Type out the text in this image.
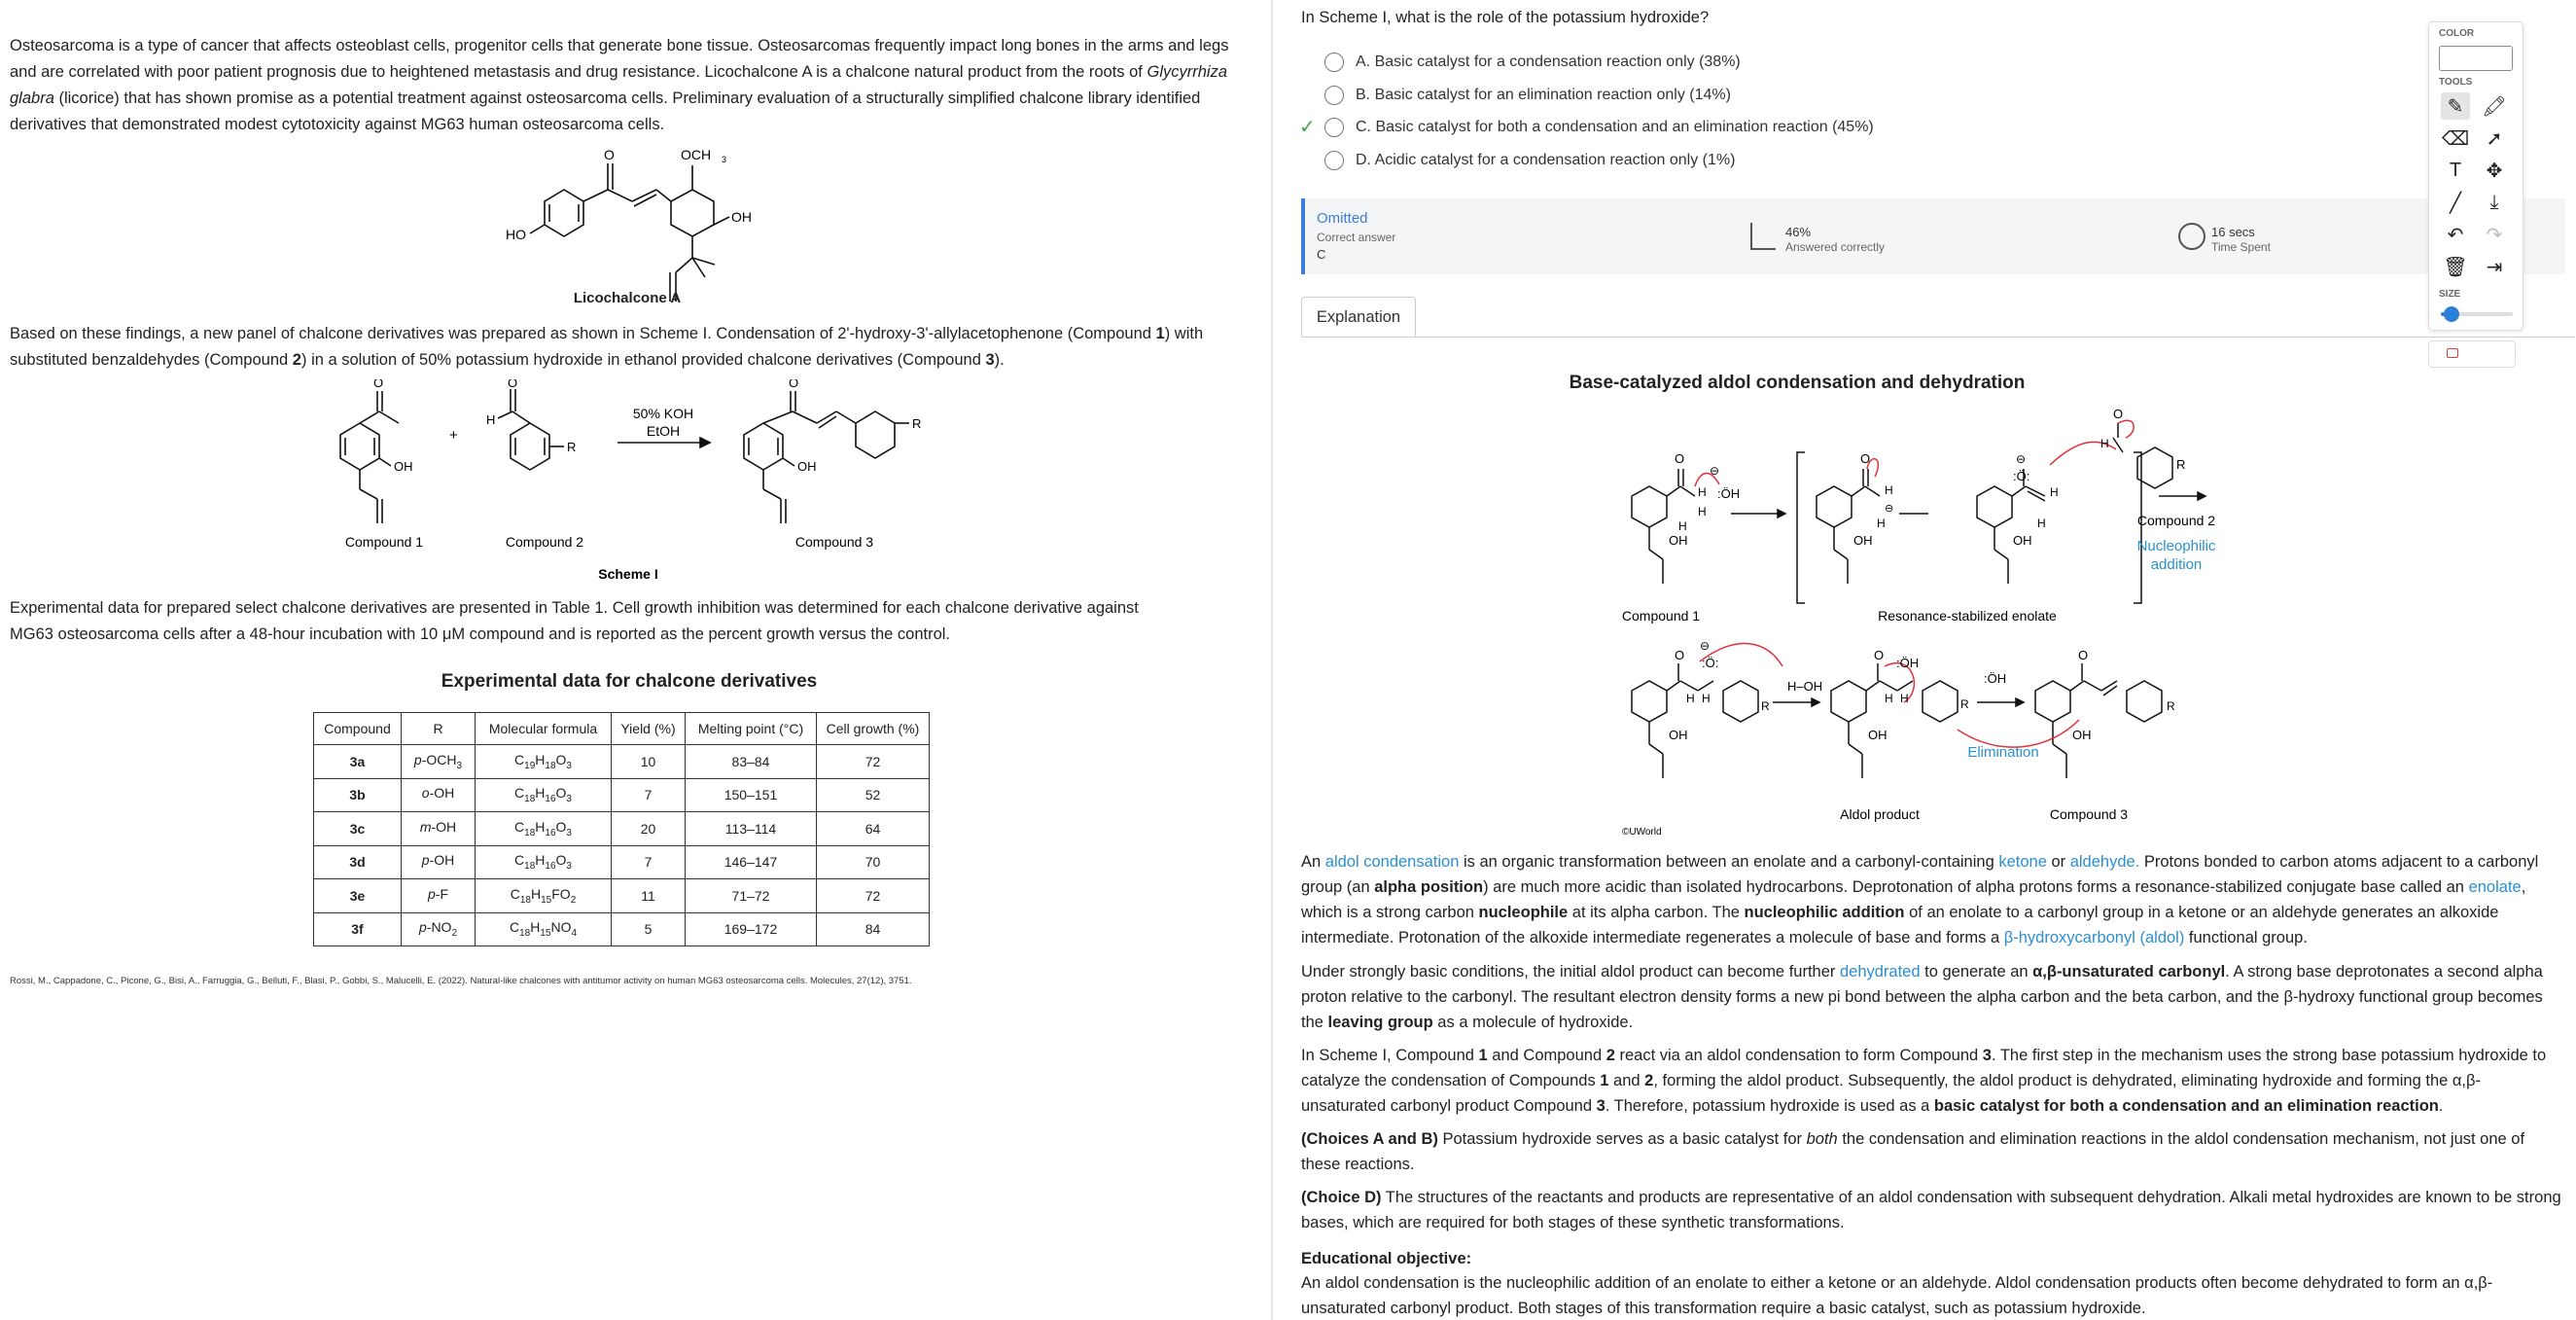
Osteosarcoma is a type of cancer that affects osteoblast cells, progenitor cells that generate bone tissue. Osteosarcomas frequently impact long bones in the arms and legs and are correlated with poor patient prognosis due to heightened metastasis and drug resistance. Licochalcone A is a chalcone natural product from the roots of Glycyrrhiza glabra (licorice) that has shown promise as a potential treatment against osteosarcoma cells. Preliminary evaluation of a structurally simplified chalcone library identified derivatives that demonstrated modest cytotoxicity against MG63 human osteosarcoma cells.

O	OCH 3
HO
OH
Licochalcone A

Based on these findings, a new panel of chalcone derivatives was prepared as shown in Scheme I. Condensation of 2'-hydroxy-3'-allylacetophenone (Compound 1) with substituted benzaldehydes (Compound 2) in a solution of 50% potassium hydroxide in ethanol provided chalcone derivatives (Compound 3).

O
OH
O
H
R
O
OH
R
+
50% KOH
EtOH
Compound 1	Compound 2	Compound 3
Scheme I

Experimental data for prepared select chalcone derivatives are presented in Table 1. Cell growth inhibition was determined for each chalcone derivative against MG63 osteosarcoma cells after a 48-hour incubation with 10 μM compound and is reported as the percent growth versus the control.

Experimental data for chalcone derivatives
Compound	R	Molecular formula	Yield (%)	Melting point (°C)	Cell growth (%)
3a	$p-OCH_3$	$C_{19}H_{18}O_3$	10	83–84	72
3b	o-OH	$C_{18}H_{16}O_3$	7	150–151	52
3c	m-OH	$C_{18}H_{16}O_3$	20	113–114	64
3d	p-OH	$C_{18}H_{16}O_3$	7	146–147	70
3e	p-F	$C_{18}H_{15}FO_2$	11	71–72	72
3f	$p-NO_2$	$C_{18}H_{15}NO_4$	5	169–172	84
Rossi, M., Cappadone, C., Picone, G., Bisi, A., Farruggia, G., Belluti, F., Blasi, P., Gobbi, S., Malucelli, E. (2022). Natural-like chalcones with antitumor activity on human MG63 osteosarcoma cells. Molecules, 27(12), 3751.
In Scheme I, what is the role of the potassium hydroxide?
✓
A. Basic catalyst for a condensation reaction only (38%)
B. Basic catalyst for an elimination reaction only (14%)
C. Basic catalyst for both a condensation and an elimination reaction (45%)
D. Acidic catalyst for a condensation reaction only (1%)
Omitted
Correct answer
C
46%
Answered correctly
16 secs
Time Spent
Explanation
Base-catalyzed aldol condensation and dehydration
O
H
H
H
OH
⊖
:ÖH
O
H
H
⊖
OH
⊖
:Ö:
H
H
OH
O
H
R
Compound 2
Nucleophilic
addition
Compound 1	Resonance-stabilized enolate
O
H H
R
OH
⊖
:Ö:
H–OH
O
H H	R
OH
:ÖH
:ÖH
O
R
OH
Elimination
Aldol product	Compound 3
©UWorld

An aldol condensation is an organic transformation between an enolate and a carbonyl-containing ketone or aldehyde. Protons bonded to carbon atoms adjacent to a carbonyl group (an alpha position) are much more acidic than isolated hydrocarbons. Deprotonation of alpha protons forms a resonance-stabilized conjugate base called an enolate, which is a strong carbon nucleophile at its alpha carbon. The nucleophilic addition of an enolate to a carbonyl group in a ketone or an aldehyde generates an alkoxide intermediate. Protonation of the alkoxide intermediate regenerates a molecule of base and forms a β-hydroxycarbonyl (aldol) functional group.

Under strongly basic conditions, the initial aldol product can become further dehydrated to generate an α,β-unsaturated carbonyl. A strong base deprotonates a second alpha proton relative to the carbonyl. The resultant electron density forms a new pi bond between the alpha carbon and the beta carbon, and the β-hydroxy functional group becomes the leaving group as a molecule of hydroxide.

In Scheme I, Compound 1 and Compound 2 react via an aldol condensation to form Compound 3. The first step in the mechanism uses the strong base potassium hydroxide to catalyze the condensation of Compounds 1 and 2, forming the aldol product. Subsequently, the aldol product is dehydrated, eliminating hydroxide and forming the α,β-unsaturated carbonyl product Compound 3. Therefore, potassium hydroxide is used as a basic catalyst for both a condensation and an elimination reaction.

(Choices A and B) Potassium hydroxide serves as a basic catalyst for both the condensation and elimination reactions in the aldol condensation mechanism, not just one of these reactions.

(Choice D) The structures of the reactants and products are representative of an aldol condensation with subsequent dehydration. Alkali metal hydroxides are known to be strong bases, which are required for both stages of these synthetic transformations.

Educational objective:

An aldol condensation is the nucleophilic addition of an enolate to either a ketone or an aldehyde. Aldol condensation products often become dehydrated to form an α,β-unsaturated carbonyl product. Both stages of this transformation require a basic catalyst, such as potassium hydroxide.

COLOR
TOOLS
✎ 🖍
⌫ ➚
T	✥
╱	⤓
↶	↷
🗑 ⇥
SIZE
